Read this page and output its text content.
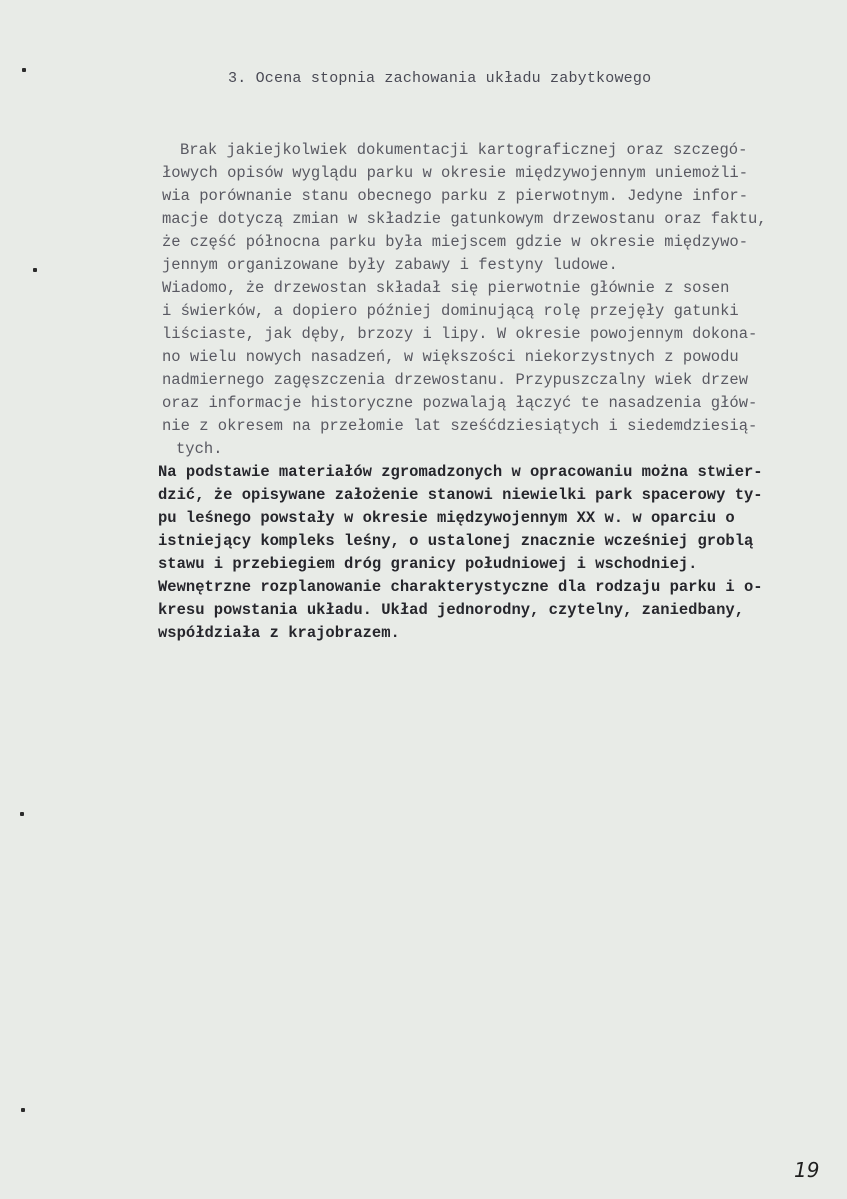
3. Ocena stopnia zachowania układu zabytkowego
Brak jakiejkolwiek dokumentacji kartograficznej oraz szczegó-
łowych opisów wyglądu parku w okresie międzywojennym uniemożli-
wia porównanie stanu obecnego parku z pierwotnym. Jedyne infor-
macje dotyczą zmian w składzie gatunkowym drzewostanu oraz faktu,
że część północna parku była miejscem gdzie w okresie międzywo-
jennym organizowane były zabawy i festyny ludowe.
Wiadomo, że drzewostan składał się pierwotnie głównie z sosen
i świerków, a dopiero później dominującą rolę przejęły gatunki
liściaste, jak dęby, brzozy i lipy. W okresie powojennym dokona-
no wielu nowych nasadzeń, w większości niekorzystnych z powodu
nadmiernego zagęszczenia drzewostanu. Przypuszczalny wiek drzew
oraz informacje historyczne pozwalają łączyć te nasadzenia głów-
nie z okresem na przełomie lat sześćdziesiątych i siedemdziesią-
tych.
Na podstawie materiałów zgromadzonych w opracowaniu można stwier-
dzić, że opisywane założenie stanowi niewielki park spacerowy ty-
pu leśnego powstały w okresie międzywojennym XX w. w oparciu o
istniejący kompleks leśny, o ustalonej znacznie wcześniej groblą
stawu i przebiegiem dróg granicy południowej i wschodniej.
Wewnętrzne rozplanowanie charakterystyczne dla rodzaju parku i o-
kresu powstania układu. Układ jednorodny, czytelny, zaniedbany,
współdziała z krajobrazem.
19
